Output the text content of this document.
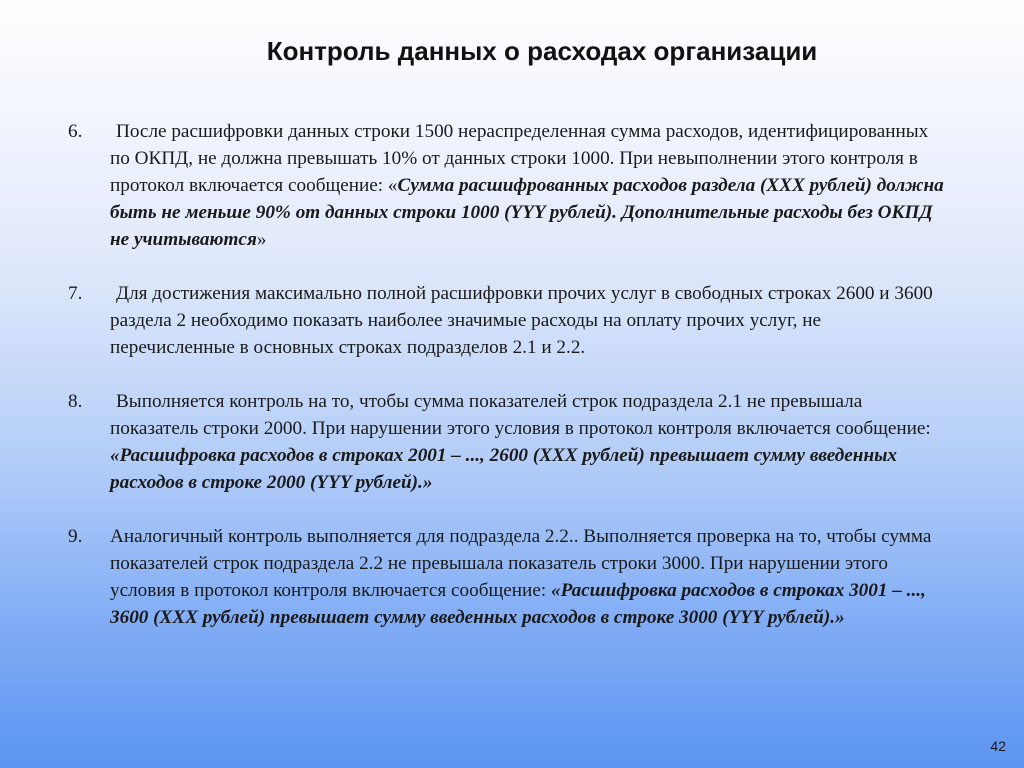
Контроль данных о расходах организации
6.	После расшифровки данных строки 1500 нераспределенная сумма расходов, идентифицированных по ОКПД, не должна превышать 10% от данных строки 1000. При невыполнении этого контроля в протокол включается сообщение: «Сумма расшифрованных расходов раздела (XXX рублей) должна быть не меньше 90% от данных строки 1000 (YYY рублей). Дополнительные расходы без ОКПД не учитываются»
7.	Для достижения максимально полной расшифровки прочих услуг в свободных строках 2600 и 3600 раздела 2 необходимо показать наиболее значимые расходы на оплату прочих услуг, не перечисленные в основных строках подразделов 2.1 и 2.2.
8.	Выполняется контроль на то, чтобы сумма показателей строк подраздела 2.1 не превышала показатель строки 2000. При нарушении этого условия в протокол контроля включается сообщение: «Расшифровка расходов в строках 2001 – ..., 2600 (XXX рублей) превышает сумму введенных расходов в строке 2000 (YYY рублей).»
9.	Аналогичный контроль выполняется для подраздела 2.2.. Выполняется проверка на то, чтобы сумма показателей строк подраздела 2.2 не превышала показатель строки 3000. При нарушении этого условия в протокол контроля включается сообщение: «Расшифровка расходов в строках 3001 – ..., 3600 (XXX рублей) превышает сумму введенных расходов в строке 3000 (YYY рублей).»
42
